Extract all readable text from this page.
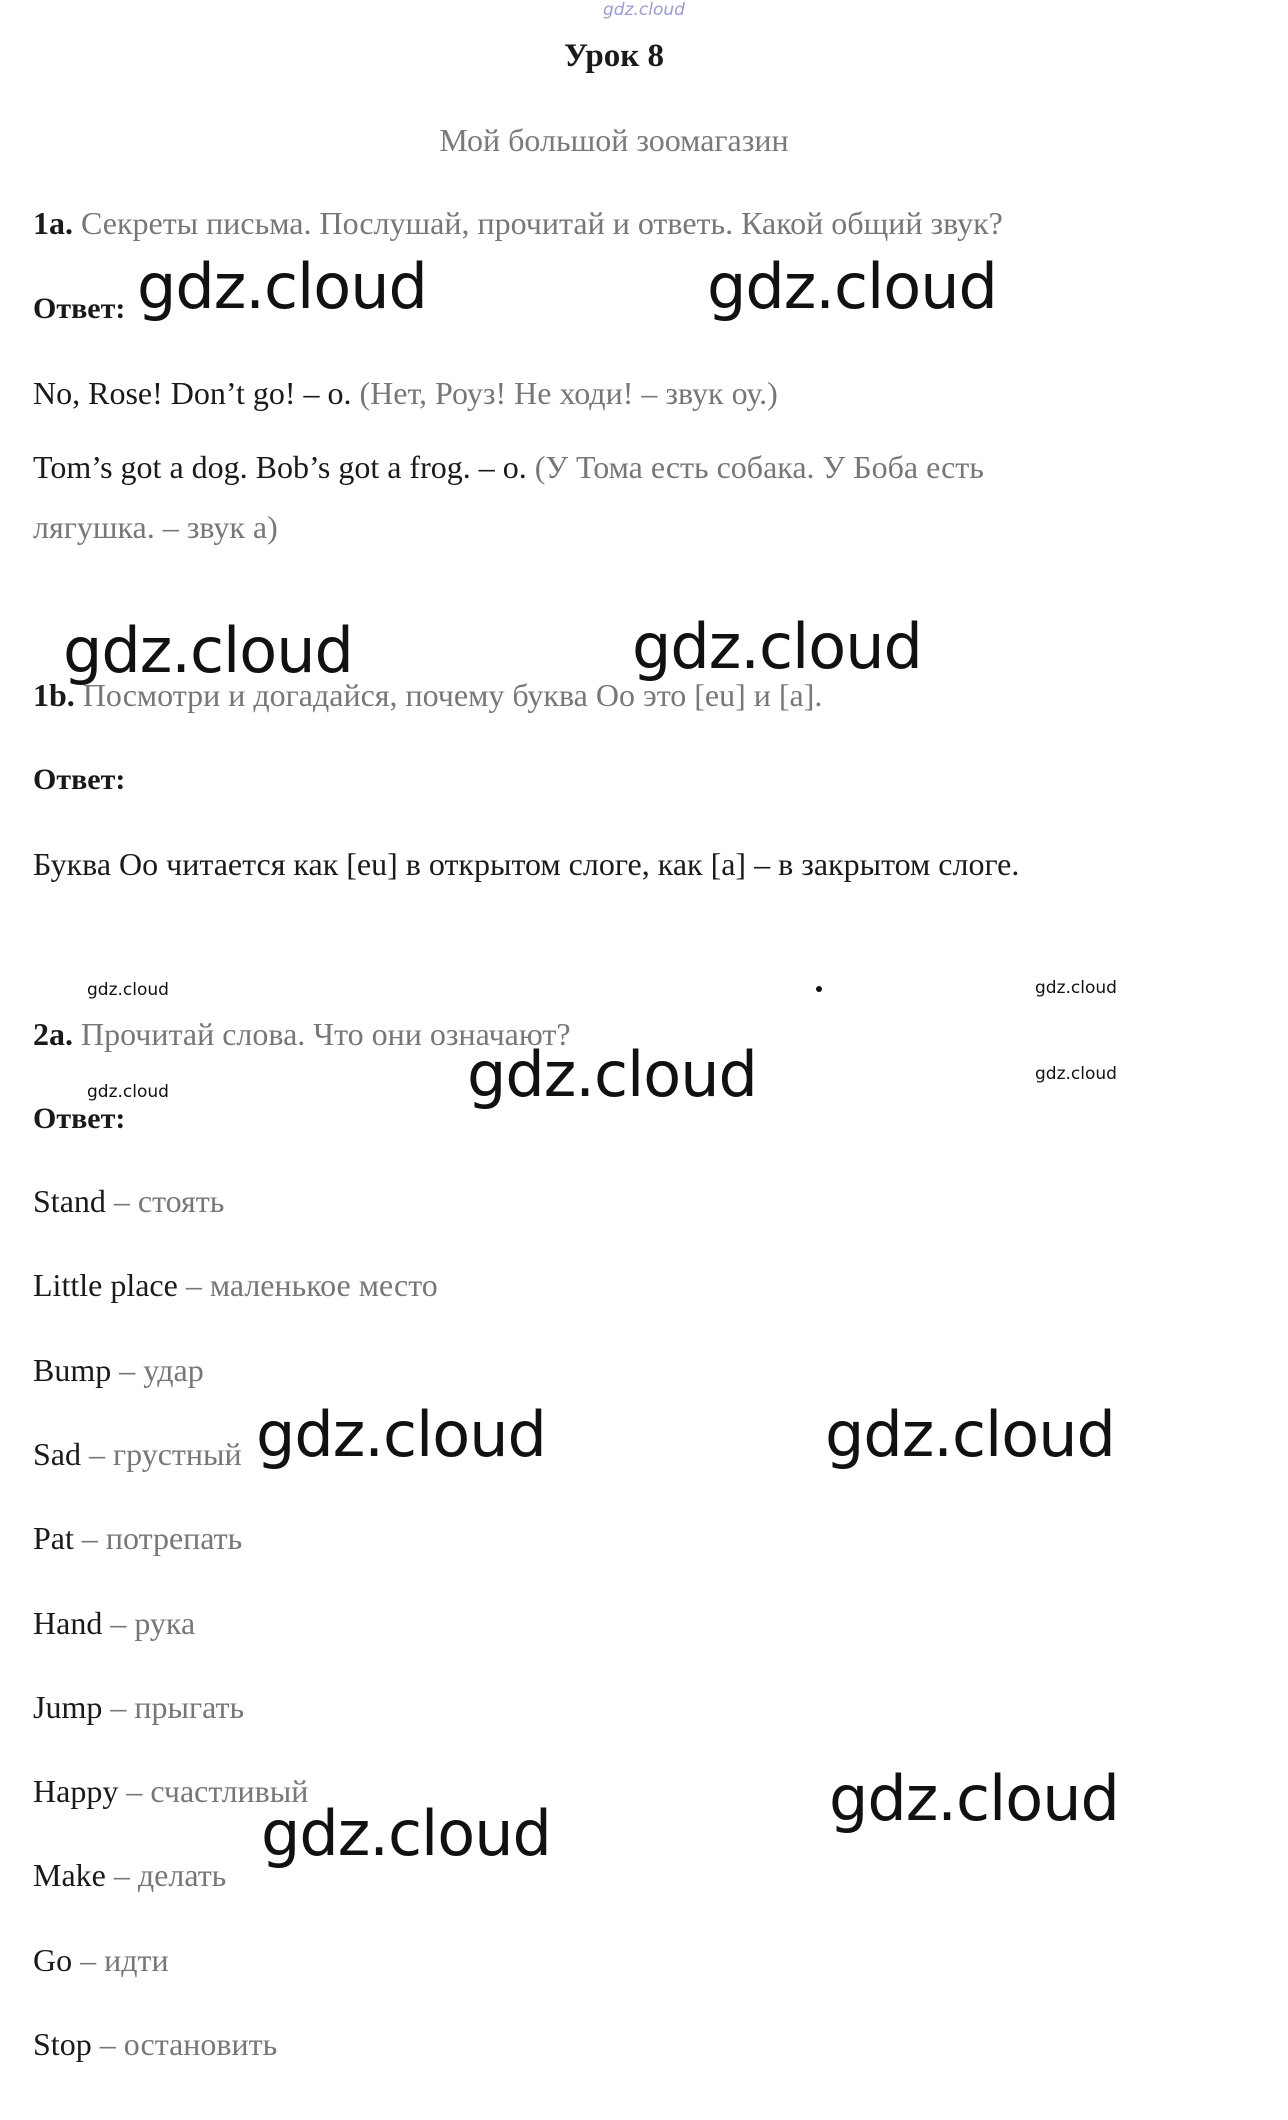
gdz.cloud
Урок 8
Мой большой зоомагазин
1a. Секреты письма. Послушай, прочитай и ответь. Какой общий звук?
Ответ:
No, Rose! Don’t go! – o. (Нет, Роуз! Не ходи! – звук оу.)
Tom’s got a dog. Bob’s got a frog. – o. (У Тома есть собака. У Боба есть
лягушка. – звук а)
1b. Посмотри и догадайся, почему буква Оо это [eu] и [a].
Ответ:
Буква Оо читается как [eu] в открытом слоге, как [a] – в закрытом слоге.
2a. Прочитай слова. Что они означают?
Ответ:
Stand – стоять
Little place – маленькое место
Bump – удар
Sad – грустный
Pat – потрепать
Hand – рука
Jump – прыгать
Happy – счастливый
Make – делать
Go – идти
Stop – остановить
gdz.cloud	gdz.cloud
gdz.cloud	gdz.cloud
gdz.cloud
gdz.cloud	gdz.cloud
gdz.cloud	gdz.cloud
gdz.cloud
gdz.cloud
gdz.cloud
gdz.cloud
